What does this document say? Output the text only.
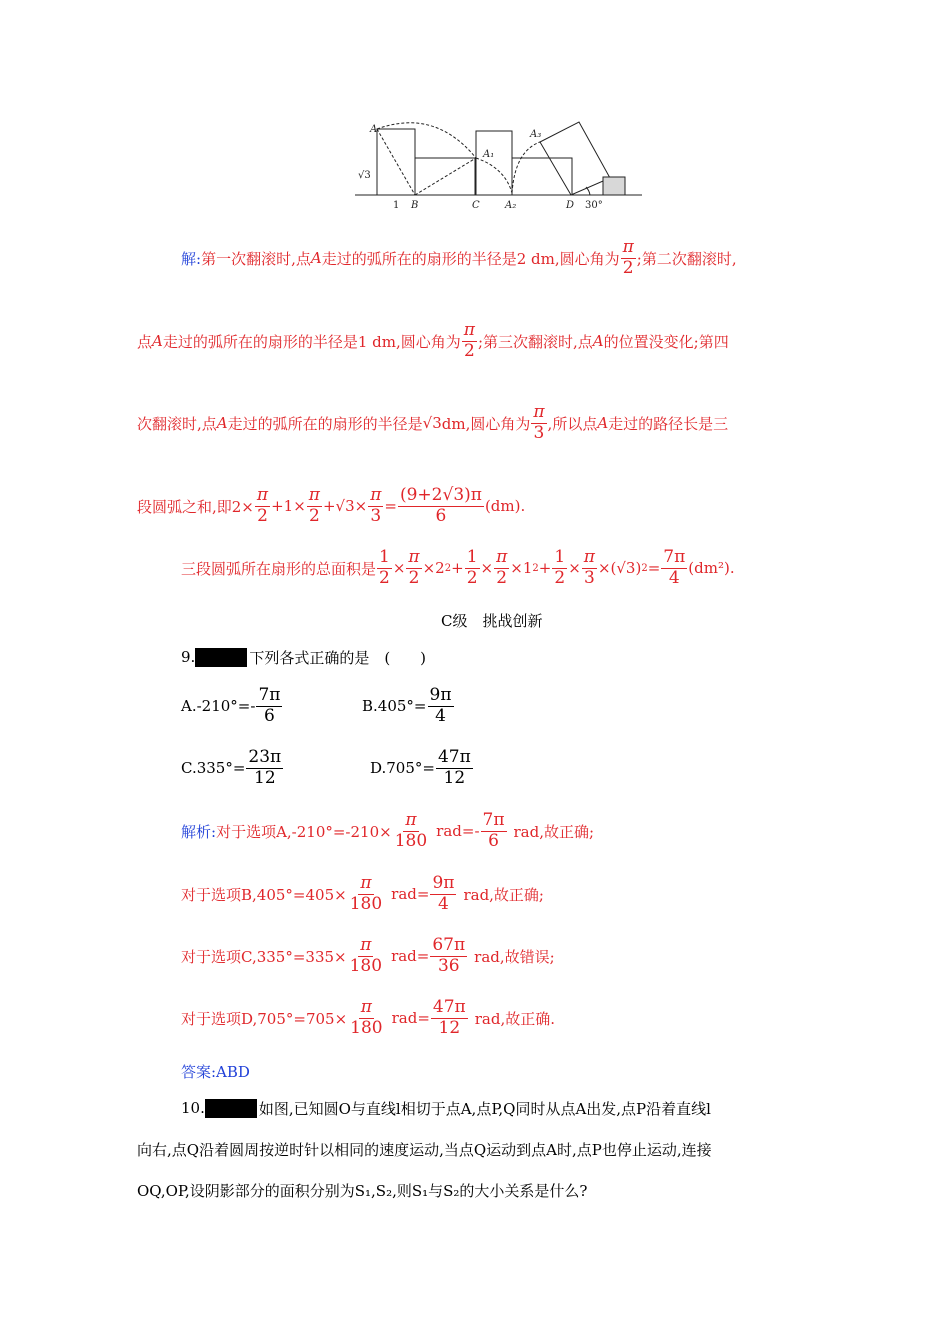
A
A₁
A₂
A₃
B	C	D
1
√3
30°
解: 第一次翻滚时,点 A 走过的弧所在的扇形的半径是2 dm,圆心角为 $\frac{\pi}{2}$ ;第二次翻滚时,
点 A 走过的弧所在的扇形的半径是1 dm,圆心角为 $\frac{\pi}{2}$ ;第三次翻滚时,点 A 的位置没变化;第四
次翻滚时,点 A 走过的弧所在的扇形的半径是 √3 dm,圆心角为 $\frac{\pi}{3}$ ,所以点 A 走过的路径长是三
段圆弧之和,即$2\times \frac{\pi}{2} +1\times \frac{\pi}{2} + √3 \times \frac{\pi}{3} = \frac{(9+2√3)\pi}{6} (dm)$.
三段圆弧所在扇形的总面积是 $\frac{1}{2} \times \frac{\pi}{2} \times 2$ $2 + \frac{1}{2} \times \frac{\pi}{2} \times 1$ $2 + \frac{1}{2} \times \frac{\pi}{3}$ ×( √3 ) $2 = \frac{7\pi}{4} (dm^2)$.
C级　挑战创新
9.	下列各式正确的是　(　　)
$A.-210^\circ=- \frac{7\pi}{6}$	$B.405^\circ= \frac{9\pi}{4}$
$C.335^\circ= \frac{23\pi}{12}$	$D.705^\circ= \frac{47\pi}{12}$
解析: 对于选项$A,-210^\circ=-210\times \frac{\pi}{180} rad=- \frac{7\pi}{6}$ rad,故正确;
对于选项$B,405^\circ=405\times \frac{\pi}{180} rad= \frac{9\pi}{4}$ rad,故正确;
对于选项$C,335^\circ=335\times \frac{\pi}{180} rad= \frac{67\pi}{36}$ rad,故错误;
对于选项$D,705^\circ=705\times \frac{\pi}{180} rad= \frac{47\pi}{12}$ rad,故正确.
答案:ABD
10.	如图,已知圆O与直线l相切于点A,点P,Q同时从点A出发,点P沿着直线l
向右,点Q沿着圆周按逆时针以相同的速度运动,当点Q运动到点A时,点P也停止运动,连接
OQ,OP,设阴影部分的面积分别为S₁,S₂,则S₁与S₂的大小关系是什么?
